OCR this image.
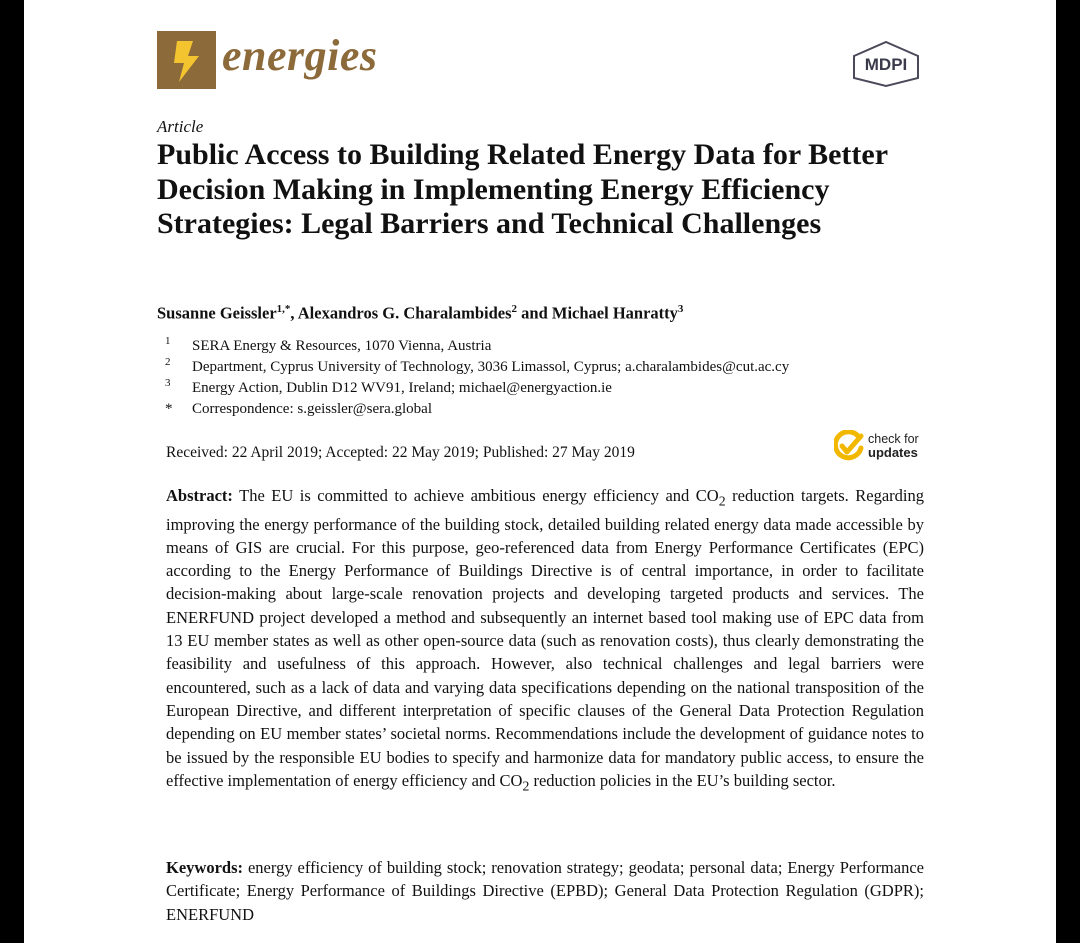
energies	MDPI
Article
Public Access to Building Related Energy Data for Better Decision Making in Implementing Energy Efficiency Strategies: Legal Barriers and Technical Challenges
Susanne Geissler$^{1,*}$, Alexandros G. Charalambides$^2$ and Michael Hanratty$^3$
1 SERA Energy & Resources, 1070 Vienna, Austria
2 Department, Cyprus University of Technology, 3036 Limassol, Cyprus; a.charalambides@cut.ac.cy
3 Energy Action, Dublin D12 WV91, Ireland; michael@energyaction.ie
* Correspondence: s.geissler@sera.global
Received: 22 April 2019; Accepted: 22 May 2019; Published: 27 May 2019
check for
updates

Abstract: The EU is committed to achieve ambitious energy efficiency and $CO_2$ reduction targets. Regarding improving the energy performance of the building stock, detailed building related energy data made accessible by means of GIS are crucial. For this purpose, geo-referenced data from Energy Performance Certificates (EPC) according to the Energy Performance of Buildings Directive is of central importance, in order to facilitate decision-making about large-scale renovation projects and developing targeted products and services. The ENERFUND project developed a method and subsequently an internet based tool making use of EPC data from 13 EU member states as well as other open-source data (such as renovation costs), thus clearly demonstrating the feasibility and usefulness of this approach. However, also technical challenges and legal barriers were encountered, such as a lack of data and varying data specifications depending on the national transposition of the European Directive, and different interpretation of specific clauses of the General Data Protection Regulation depending on EU member states’ societal norms. Recommendations include the development of guidance notes to be issued by the responsible EU bodies to specify and harmonize data for mandatory public access, to ensure the effective implementation of energy efficiency and $CO_2$ reduction policies in the EU’s building sector.

Keywords: energy efficiency of building stock; renovation strategy; geodata; personal data; Energy Performance Certificate; Energy Performance of Buildings Directive (EPBD); General Data Protection Regulation (GDPR); ENERFUND
